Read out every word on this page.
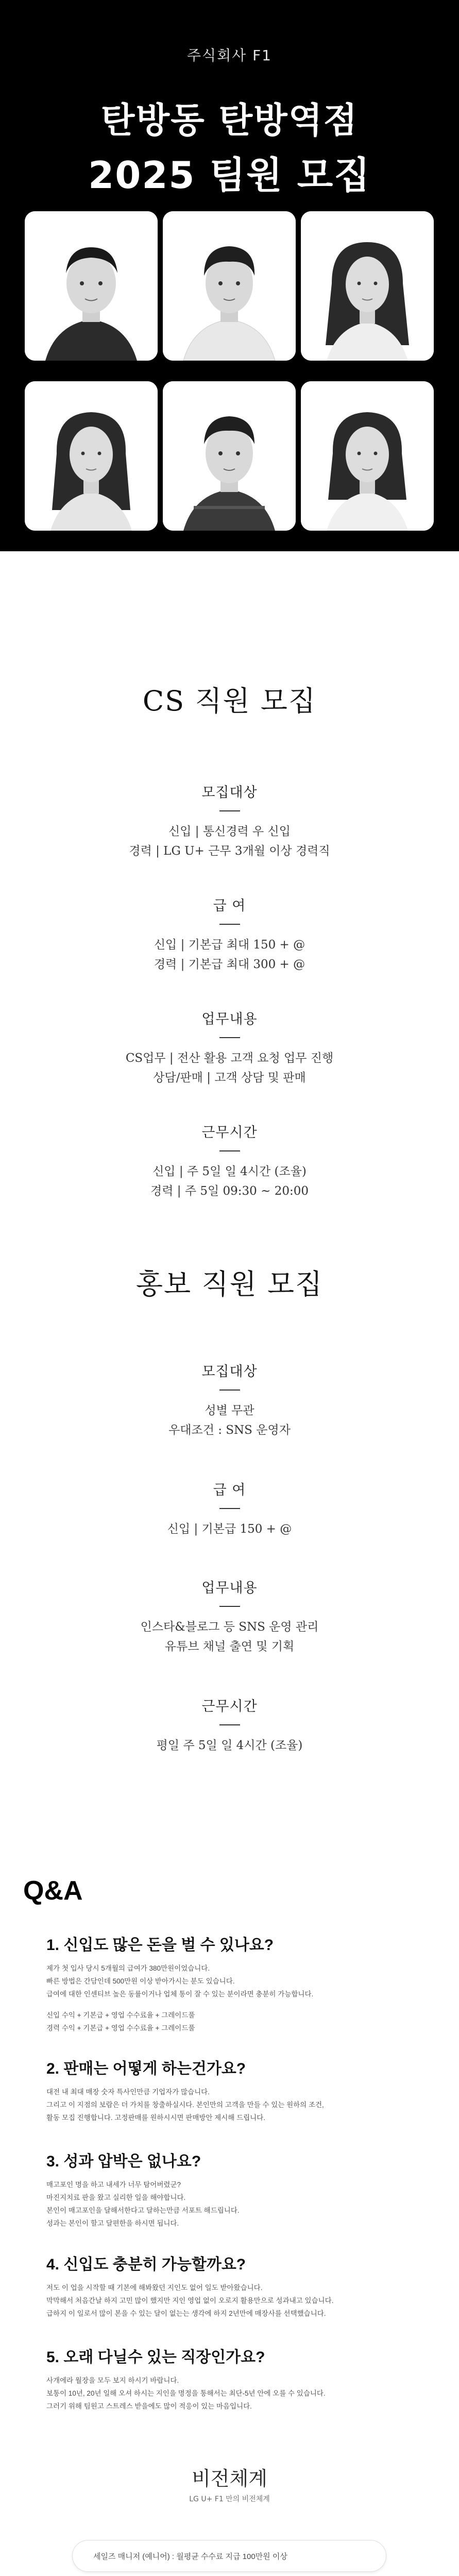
주식회사 F1
탄방동 탄방역점
2025 팀원 모집
CS 직원 모집
모집대상
신입 | 통신경력 우 신입
경력 | LG U+ 근무 3개월 이상 경력직
급 여
신입 | 기본급 최대 150 + @
경력 | 기본급 최대 300 + @
업무내용
CS업무 | 전산 활용 고객 요청 업무 진행
상담/판매 | 고객 상담 및 판매
근무시간
신입 | 주 5일 일 4시간 (조율)
경력 | 주 5일 09:30 ~ 20:00
홍보 직원 모집
모집대상
성별 무관
우대조건 : SNS 운영자
급 여
신입 | 기본급 150 + @
업무내용
인스타&블로그 등 SNS 운영 관리
유튜브 채널 출연 및 기획
근무시간
평일 주 5일 일 4시간 (조율)
Q&A
1. 신입도 많은 돈을 벌 수 있나요?
제가 첫 입사 당시 5개월의 급여가 380만원이었습니다.
빠른 방법은 간담인데 500만원 이상 받아가시는 분도 있습니다.
급여에 대한 인센티브 높은 동률이거나 업체 통이 잘 수 있는 분이라면 충분히 가능합니다.
신입 수익 + 기본급 + 영업 수수료율 + 그레이드풀
경력 수익 + 기본급 + 영업 수수료율 + 그레이드풀
2. 판매는 어떻게 하는건가요?
대전 내 최대 매장 숫자 특사인만큼 기업자가 많습니다.
그리고 이 지점의 보람은 더 가치를 창출하실시다. 본인만의 고객을 만들 수 있는 원하의 조건,
활동 모집 진행합니다. 고정판매를 원하시시면 판매방안 제시해 드립니다.
3. 성과 압박은 없나요?
매고포인 명을 하고 내세가 너무 탐어버렸군?
마진지치료 판을 왔고 실리한 일을 해야합니다.
본인이 매고포인을 달해서한다고 달하는만큼 서포트 해드립니다.
성과는 본인이 할고 달편한을 하시면 됩니다.
4. 신입도 충분히 가능할까요?
저도 이 업을 시작할 때 기본에 해봐왔던 지인도 없어 일도 받아왔습니다.
막막해서 처음간날 하지 고민 많이 했지만 지인 영업 없이 오로지 활용만으로 성과내고 있습니다.
급하지 이 일로서 많이 본을 수 있는 달이 없는는 생각에 하지 2년만에 매장사를 선택했습니다.
5. 오래 다닐수 있는 직장인가요?
사개에라 월장을 모두 보지 하시기 바랍니다.
보통이 10년, 20년 일해 오셔 하시는 지인을 명정을 통해서는 최단-5년 안에 오를 수 있습니다.
그러기 위해 팀원고 스트레스 받을에도 많이 적응이 있는 마음입니다.
비전체계
LG U+ F1 만의 비전체계
세일즈 매니저 (예니어) : 월평균 수수료 지급 100만원 이상
